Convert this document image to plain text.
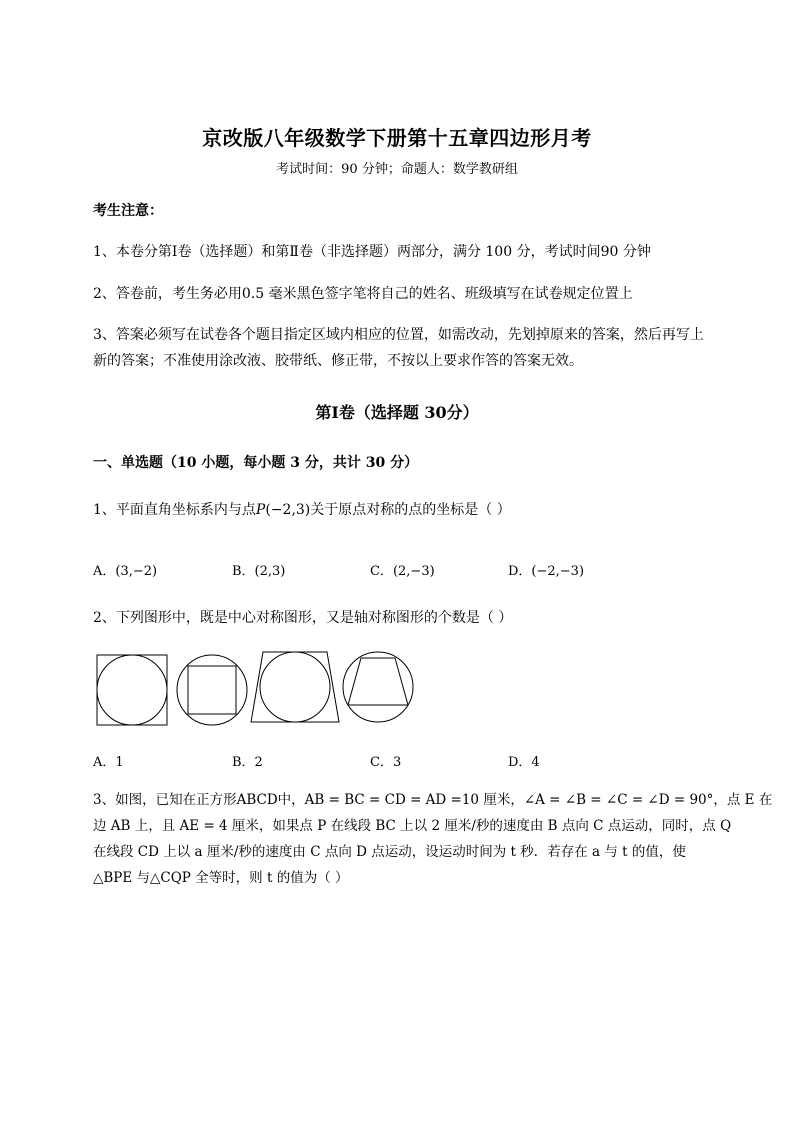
京改版八年级数学下册第十五章四边形月考
考试时间：90 分钟；命题人：数学教研组
考生注意：
1、本卷分第Ⅰ卷（选择题）和第Ⅱ卷（非选择题）两部分，满分 100 分，考试时间90 分钟
2、答卷前，考生务必用0.5 毫米黑色签字笔将自己的姓名、班级填写在试卷规定位置上
3、答案必须写在试卷各个题目指定区域内相应的位置，如需改动，先划掉原来的答案，然后再写上新的答案；不准使用涂改液、胶带纸、修正带，不按以上要求作答的答案无效。
第Ⅰ卷（选择题 30分）
一、单选题（10 小题，每小题 3 分，共计 30 分）
1、平面直角坐标系内与点P(−2,3)关于原点对称的点的坐标是（ ）
A．(3,−2)	B．(2,3)	C．(2,−3)	D．(−2,−3)
2、下列图形中，既是中心对称图形，又是轴对称图形的个数是（ ）
A．1	B．2	C．3	D．4
3、如图，已知在正方形ABCD中，AB = BC = CD = AD =10 厘米，∠A = ∠B = ∠C = ∠D = 90°，点 E 在
边 AB 上，且 AE = 4 厘米，如果点 P 在线段 BC 上以 2 厘米/秒的速度由 B 点向 C 点运动，同时，点 Q
在线段 CD 上以 a 厘米/秒的速度由 C 点向 D 点运动，设运动时间为 t 秒．若存在 a 与 t 的值，使
△BPE 与△CQP 全等时，则 t 的值为（ ）
